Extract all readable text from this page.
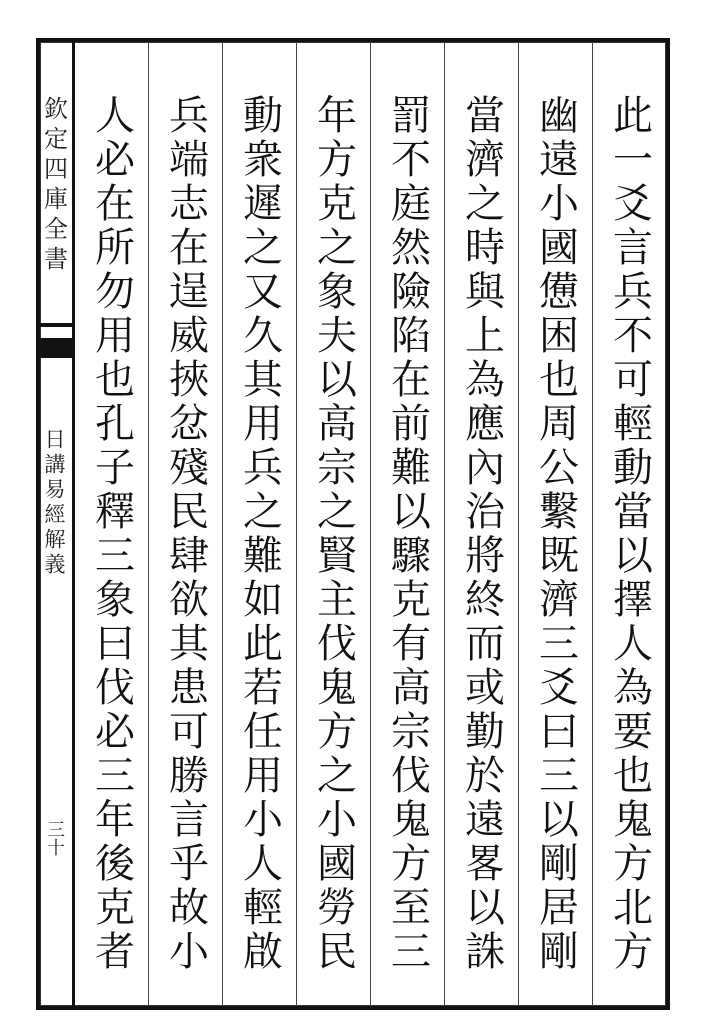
欽定四庫全書
日講易經解義
三十	此一爻言兵不可輕動當以擇人為要也鬼方北方
幽遠小國憊困也周公繫既濟三爻曰三以剛居剛
當濟之時與上為應內治將終而或勤於遠畧以誅
罰不庭然險陷在前難以驟克有高宗伐鬼方至三
年方克之象夫以高宗之賢主伐鬼方之小國勞民
動衆遲之又久其用兵之難如此若任用小人輕啟
兵端志在逞威挾忿殘民肆欲其患可勝言乎故小
人必在所勿用也孔子釋三象曰伐必三年後克者
